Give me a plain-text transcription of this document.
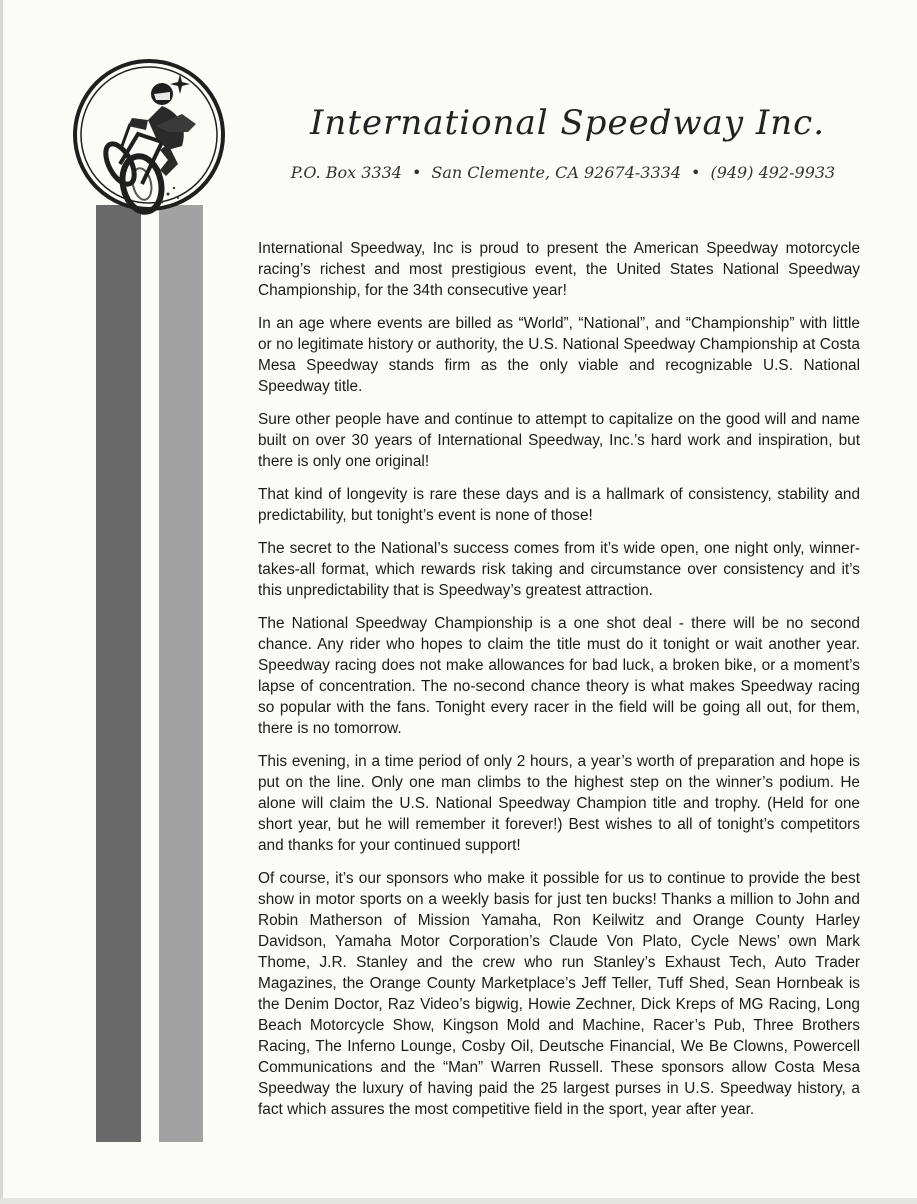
International Speedway Inc.
P.O. Box 3334 • San Clemente, CA 92674-3334 • (949) 492-9933

International Speedway, Inc is proud to present the American Speedway motorcycle racing’s richest and most prestigious event, the United States National Speedway Championship, for the 34th consecutive year!

In an age where events are billed as “World”, “National”, and “Championship” with little or no legitimate history or authority, the U.S. National Speedway Championship at Costa Mesa Speedway stands firm as the only viable and recognizable U.S. National Speedway title.

Sure other people have and continue to attempt to capitalize on the good will and name built on over 30 years of International Speedway, Inc.’s hard work and inspiration, but there is only one original!

That kind of longevity is rare these days and is a hallmark of consistency, stability and predictability, but tonight’s event is none of those!

The secret to the National’s success comes from it’s wide open, one night only, winner-takes-all format, which rewards risk taking and circumstance over consistency and it’s this unpredictability that is Speedway’s greatest attraction.

The National Speedway Championship is a one shot deal - there will be no second chance. Any rider who hopes to claim the title must do it tonight or wait another year. Speedway racing does not make allowances for bad luck, a broken bike, or a moment’s lapse of concentration. The no-second chance theory is what makes Speedway racing so popular with the fans. Tonight every racer in the field will be going all out, for them, there is no tomorrow.

This evening, in a time period of only 2 hours, a year’s worth of preparation and hope is put on the line. Only one man climbs to the highest step on the winner’s podium. He alone will claim the U.S. National Speedway Champion title and trophy. (Held for one short year, but he will remember it forever!) Best wishes to all of tonight’s competitors and thanks for your continued support!

Of course, it’s our sponsors who make it possible for us to continue to provide the best show in motor sports on a weekly basis for just ten bucks! Thanks a million to John and Robin Matherson of Mission Yamaha, Ron Keilwitz and Orange County Harley Davidson, Yamaha Motor Corporation’s Claude Von Plato, Cycle News’ own Mark Thome, J.R. Stanley and the crew who run Stanley’s Exhaust Tech, Auto Trader Magazines, the Orange County Marketplace’s Jeff Teller, Tuff Shed, Sean Hornbeak is the Denim Doctor, Raz Video’s bigwig, Howie Zechner, Dick Kreps of MG Racing, Long Beach Motorcycle Show, Kingson Mold and Machine, Racer’s Pub, Three Brothers Racing, The Inferno Lounge, Cosby Oil, Deutsche Financial, We Be Clowns, Powercell Communications and the “Man” Warren Russell. These sponsors allow Costa Mesa Speedway the luxury of having paid the 25 largest purses in U.S. Speedway history, a fact which assures the most competitive field in the sport, year after year.
